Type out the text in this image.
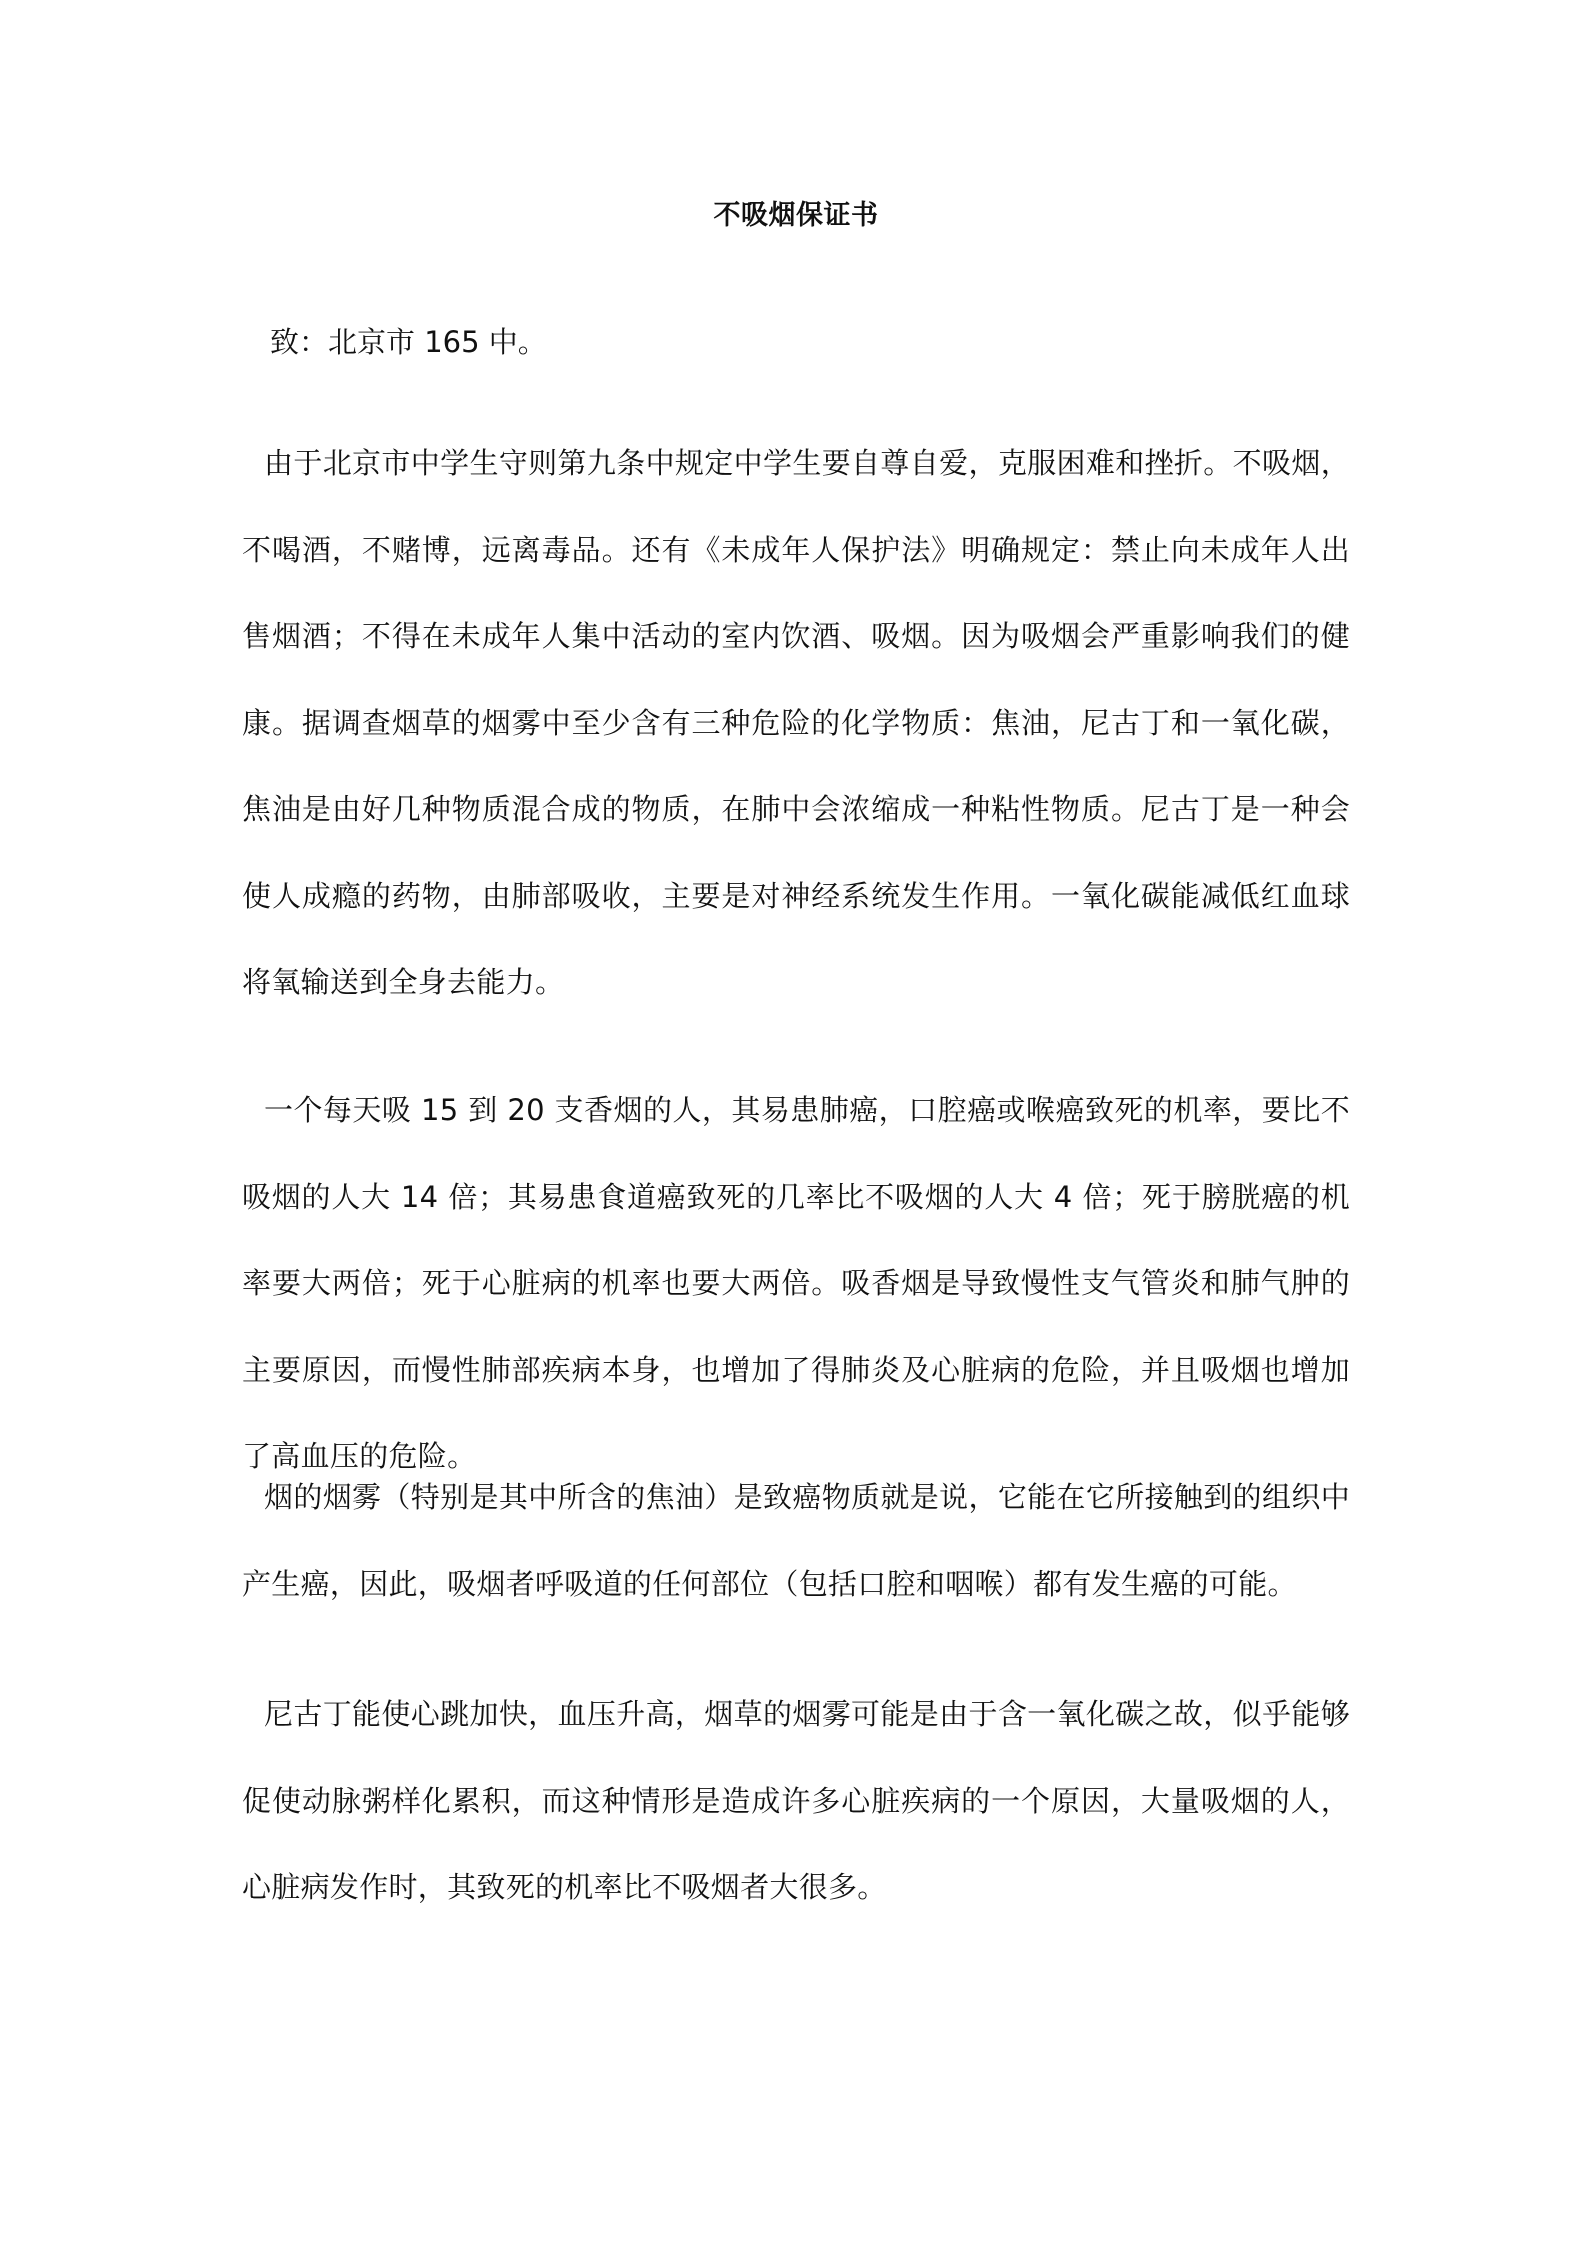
不吸烟保证书
致：北京市 165 中。

由于北京市中学生守则第九条中规定中学生要自尊自爱，克服困难和挫折。不吸烟，不喝酒，不赌博，远离毒品。还有《未成年人保护法》明确规定：禁止向未成年人出售烟酒；不得在未成年人集中活动的室内饮酒、吸烟。因为吸烟会严重影响我们的健康。据调查烟草的烟雾中至少含有三种危险的化学物质：焦油，尼古丁和一氧化碳，焦油是由好几种物质混合成的物质，在肺中会浓缩成一种粘性物质。尼古丁是一种会使人成瘾的药物，由肺部吸收，主要是对神经系统发生作用。一氧化碳能减低红血球将氧输送到全身去能力。

一个每天吸 15 到 20 支香烟的人，其易患肺癌，口腔癌或喉癌致死的机率，要比不吸烟的人大 14 倍；其易患食道癌致死的几率比不吸烟的人大 4 倍；死于膀胱癌的机率要大两倍；死于心脏病的机率也要大两倍。吸香烟是导致慢性支气管炎和肺气肿的主要原因，而慢性肺部疾病本身，也增加了得肺炎及心脏病的危险，并且吸烟也增加了高血压的危险。

烟的烟雾（特别是其中所含的焦油）是致癌物质就是说，它能在它所接触到的组织中产生癌，因此，吸烟者呼吸道的任何部位（包括口腔和咽喉）都有发生癌的可能。

尼古丁能使心跳加快，血压升高，烟草的烟雾可能是由于含一氧化碳之故，似乎能够促使动脉粥样化累积，而这种情形是造成许多心脏疾病的一个原因，大量吸烟的人，心脏病发作时，其致死的机率比不吸烟者大很多。
